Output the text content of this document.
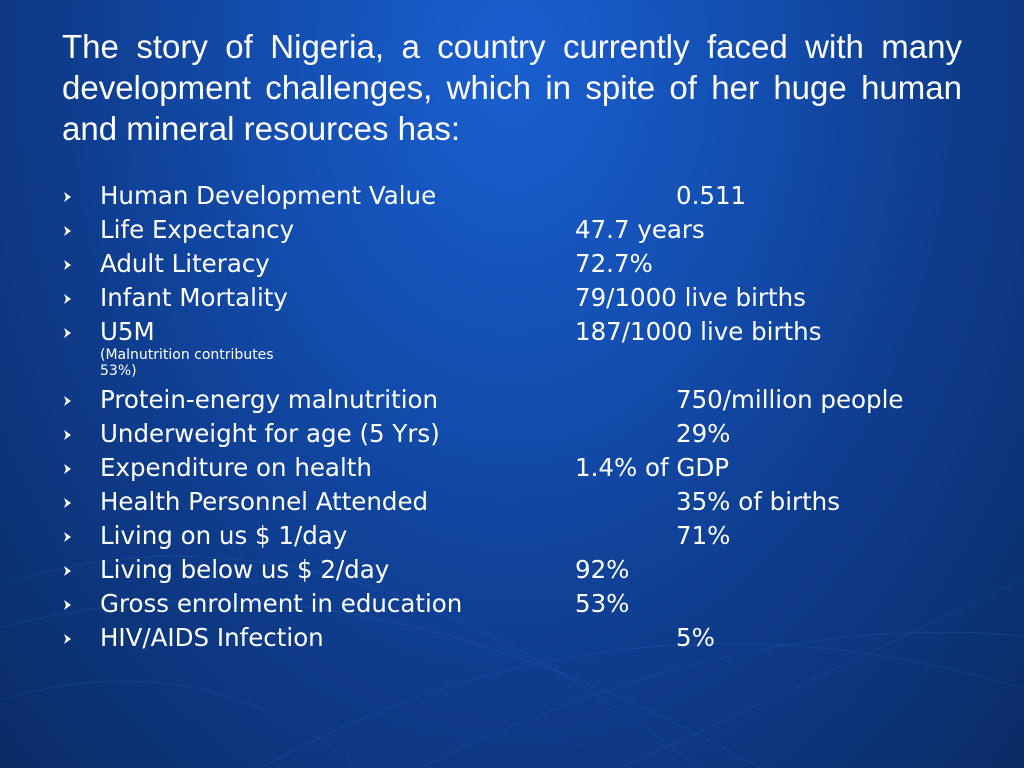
The story of Nigeria, a country currently faced with many development challenges, which in spite of her huge human and mineral resources has:
Human Development Value	0.511
Life Expectancy	47.7 years
Adult Literacy	72.7%
Infant Mortality	79/1000 live births
U5M	187/1000 live births
(Malnutrition contributes 53%)
Protein-energy malnutrition	750/million people
Underweight for age (5 Yrs)	29%
Expenditure on health	1.4% of GDP
Health Personnel Attended	35% of births
Living on us $ 1/day	71%
Living below us $ 2/day	92%
Gross enrolment in education	53%
HIV/AIDS Infection	5%
